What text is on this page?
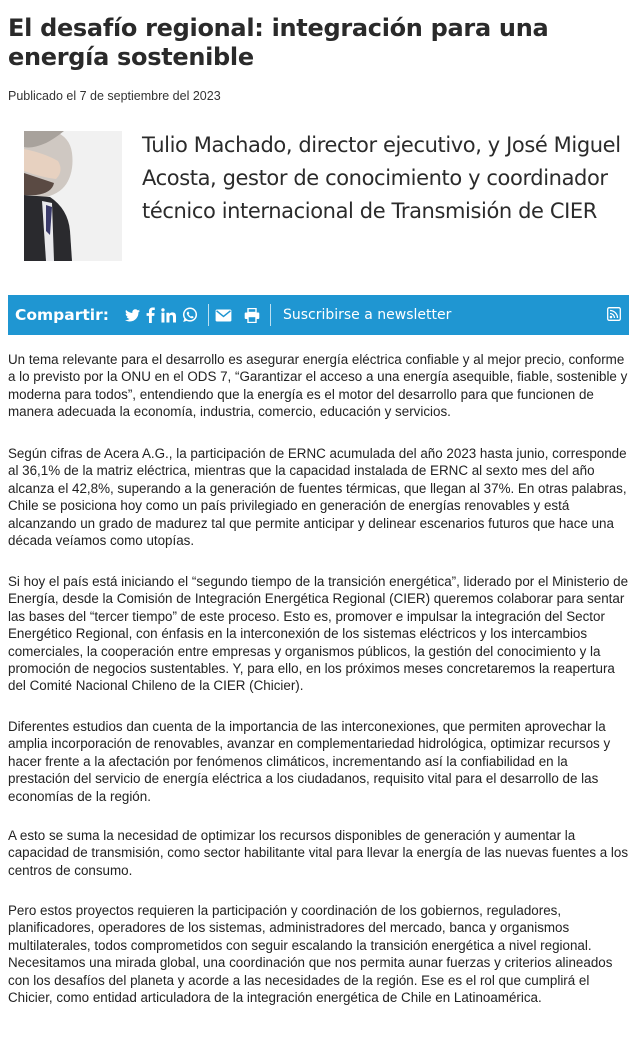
El desafío regional: integración para una energía sostenible
Publicado el 7 de septiembre del 2023
Tulio Machado, director ejecutivo, y José Miguel Acosta, gestor de conocimiento y coordinador técnico internacional de Transmisión de CIER
Compartir:	Suscribirse a newsletter

Un tema relevante para el desarrollo es asegurar energía eléctrica confiable y al mejor precio, conforme a lo previsto por la ONU en el ODS 7, “Garantizar el acceso a una energía asequible, fiable, sostenible y moderna para todos”, entendiendo que la energía es el motor del desarrollo para que funcionen de manera adecuada la economía, industria, comercio, educación y servicios.

Según cifras de Acera A.G., la participación de ERNC acumulada del año 2023 hasta junio, corresponde al 36,1% de la matriz eléctrica, mientras que la capacidad instalada de ERNC al sexto mes del año alcanza el 42,8%, superando a la generación de fuentes térmicas, que llegan al 37%. En otras palabras, Chile se posiciona hoy como un país privilegiado en generación de energías renovables y está alcanzando un grado de madurez tal que permite anticipar y delinear escenarios futuros que hace una década veíamos como utopías.

Si hoy el país está iniciando el “segundo tiempo de la transición energética”, liderado por el Ministerio de Energía, desde la Comisión de Integración Energética Regional (CIER) queremos colaborar para sentar las bases del “tercer tiempo” de este proceso. Esto es, promover e impulsar la integración del Sector Energético Regional, con énfasis en la interconexión de los sistemas eléctricos y los intercambios comerciales, la cooperación entre empresas y organismos públicos, la gestión del conocimiento y la promoción de negocios sustentables. Y, para ello, en los próximos meses concretaremos la reapertura del Comité Nacional Chileno de la CIER (Chicier).

Diferentes estudios dan cuenta de la importancia de las interconexiones, que permiten aprovechar la amplia incorporación de renovables, avanzar en complementariedad hidrológica, optimizar recursos y hacer frente a la afectación por fenómenos climáticos, incrementando así la confiabilidad en la prestación del servicio de energía eléctrica a los ciudadanos, requisito vital para el desarrollo de las economías de la región.

A esto se suma la necesidad de optimizar los recursos disponibles de generación y aumentar la capacidad de transmisión, como sector habilitante vital para llevar la energía de las nuevas fuentes a los centros de consumo.

Pero estos proyectos requieren la participación y coordinación de los gobiernos, reguladores, planificadores, operadores de los sistemas, administradores del mercado, banca y organismos multilaterales, todos comprometidos con seguir escalando la transición energética a nivel regional. Necesitamos una mirada global, una coordinación que nos permita aunar fuerzas y criterios alineados con los desafíos del planeta y acorde a las necesidades de la región. Ese es el rol que cumplirá el Chicier, como entidad articuladora de la integración energética de Chile en Latinoamérica.
